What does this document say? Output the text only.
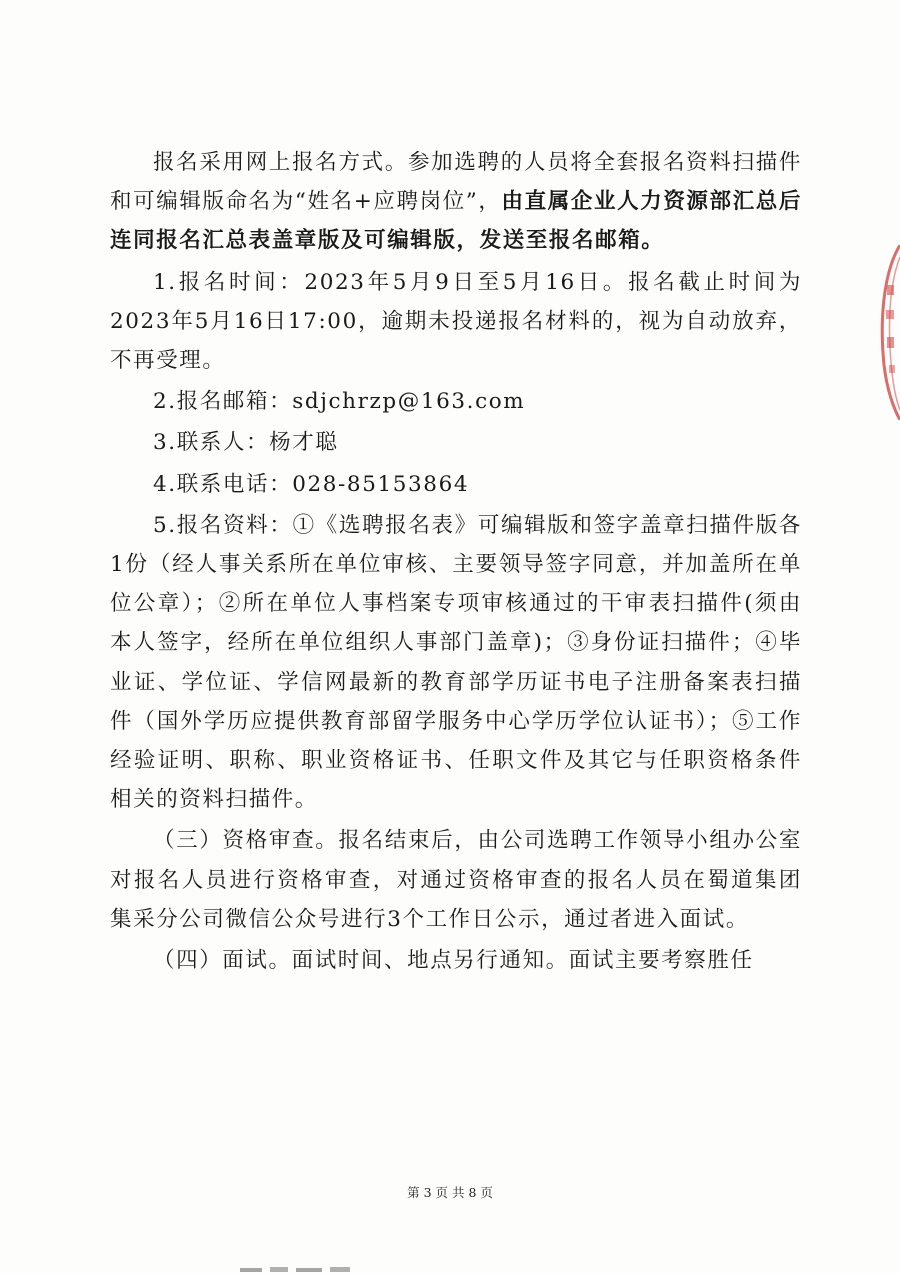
报名采用网上报名方式。参加选聘的人员将全套报名资料扫描件和可编辑版命名为“姓名+应聘岗位”，由直属企业人力资源部汇总后连同报名汇总表盖章版及可编辑版，发送至报名邮箱。

1.报名时间：2023年5月9日至5月16日。报名截止时间为2023年5月16日17:00，逾期未投递报名材料的，视为自动放弃，不再受理。

2.报名邮箱：sdjchrzp@163.com

3.联系人：杨才聪

4.联系电话：028-85153864

5.报名资料：①《选聘报名表》可编辑版和签字盖章扫描件版各1份（经人事关系所在单位审核、主要领导签字同意，并加盖所在单位公章）；②所在单位人事档案专项审核通过的干审表扫描件(须由本人签字，经所在单位组织人事部门盖章)；③身份证扫描件；④毕业证、学位证、学信网最新的教育部学历证书电子注册备案表扫描件（国外学历应提供教育部留学服务中心学历学位认证书）；⑤工作经验证明、职称、职业资格证书、任职文件及其它与任职资格条件相关的资料扫描件。

（三）资格审查。报名结束后，由公司选聘工作领导小组办公室对报名人员进行资格审查，对通过资格审查的报名人员在蜀道集团集采分公司微信公众号进行3个工作日公示，通过者进入面试。

（四）面试。面试时间、地点另行通知。面试主要考察胜任

第 3 页 共 8 页
